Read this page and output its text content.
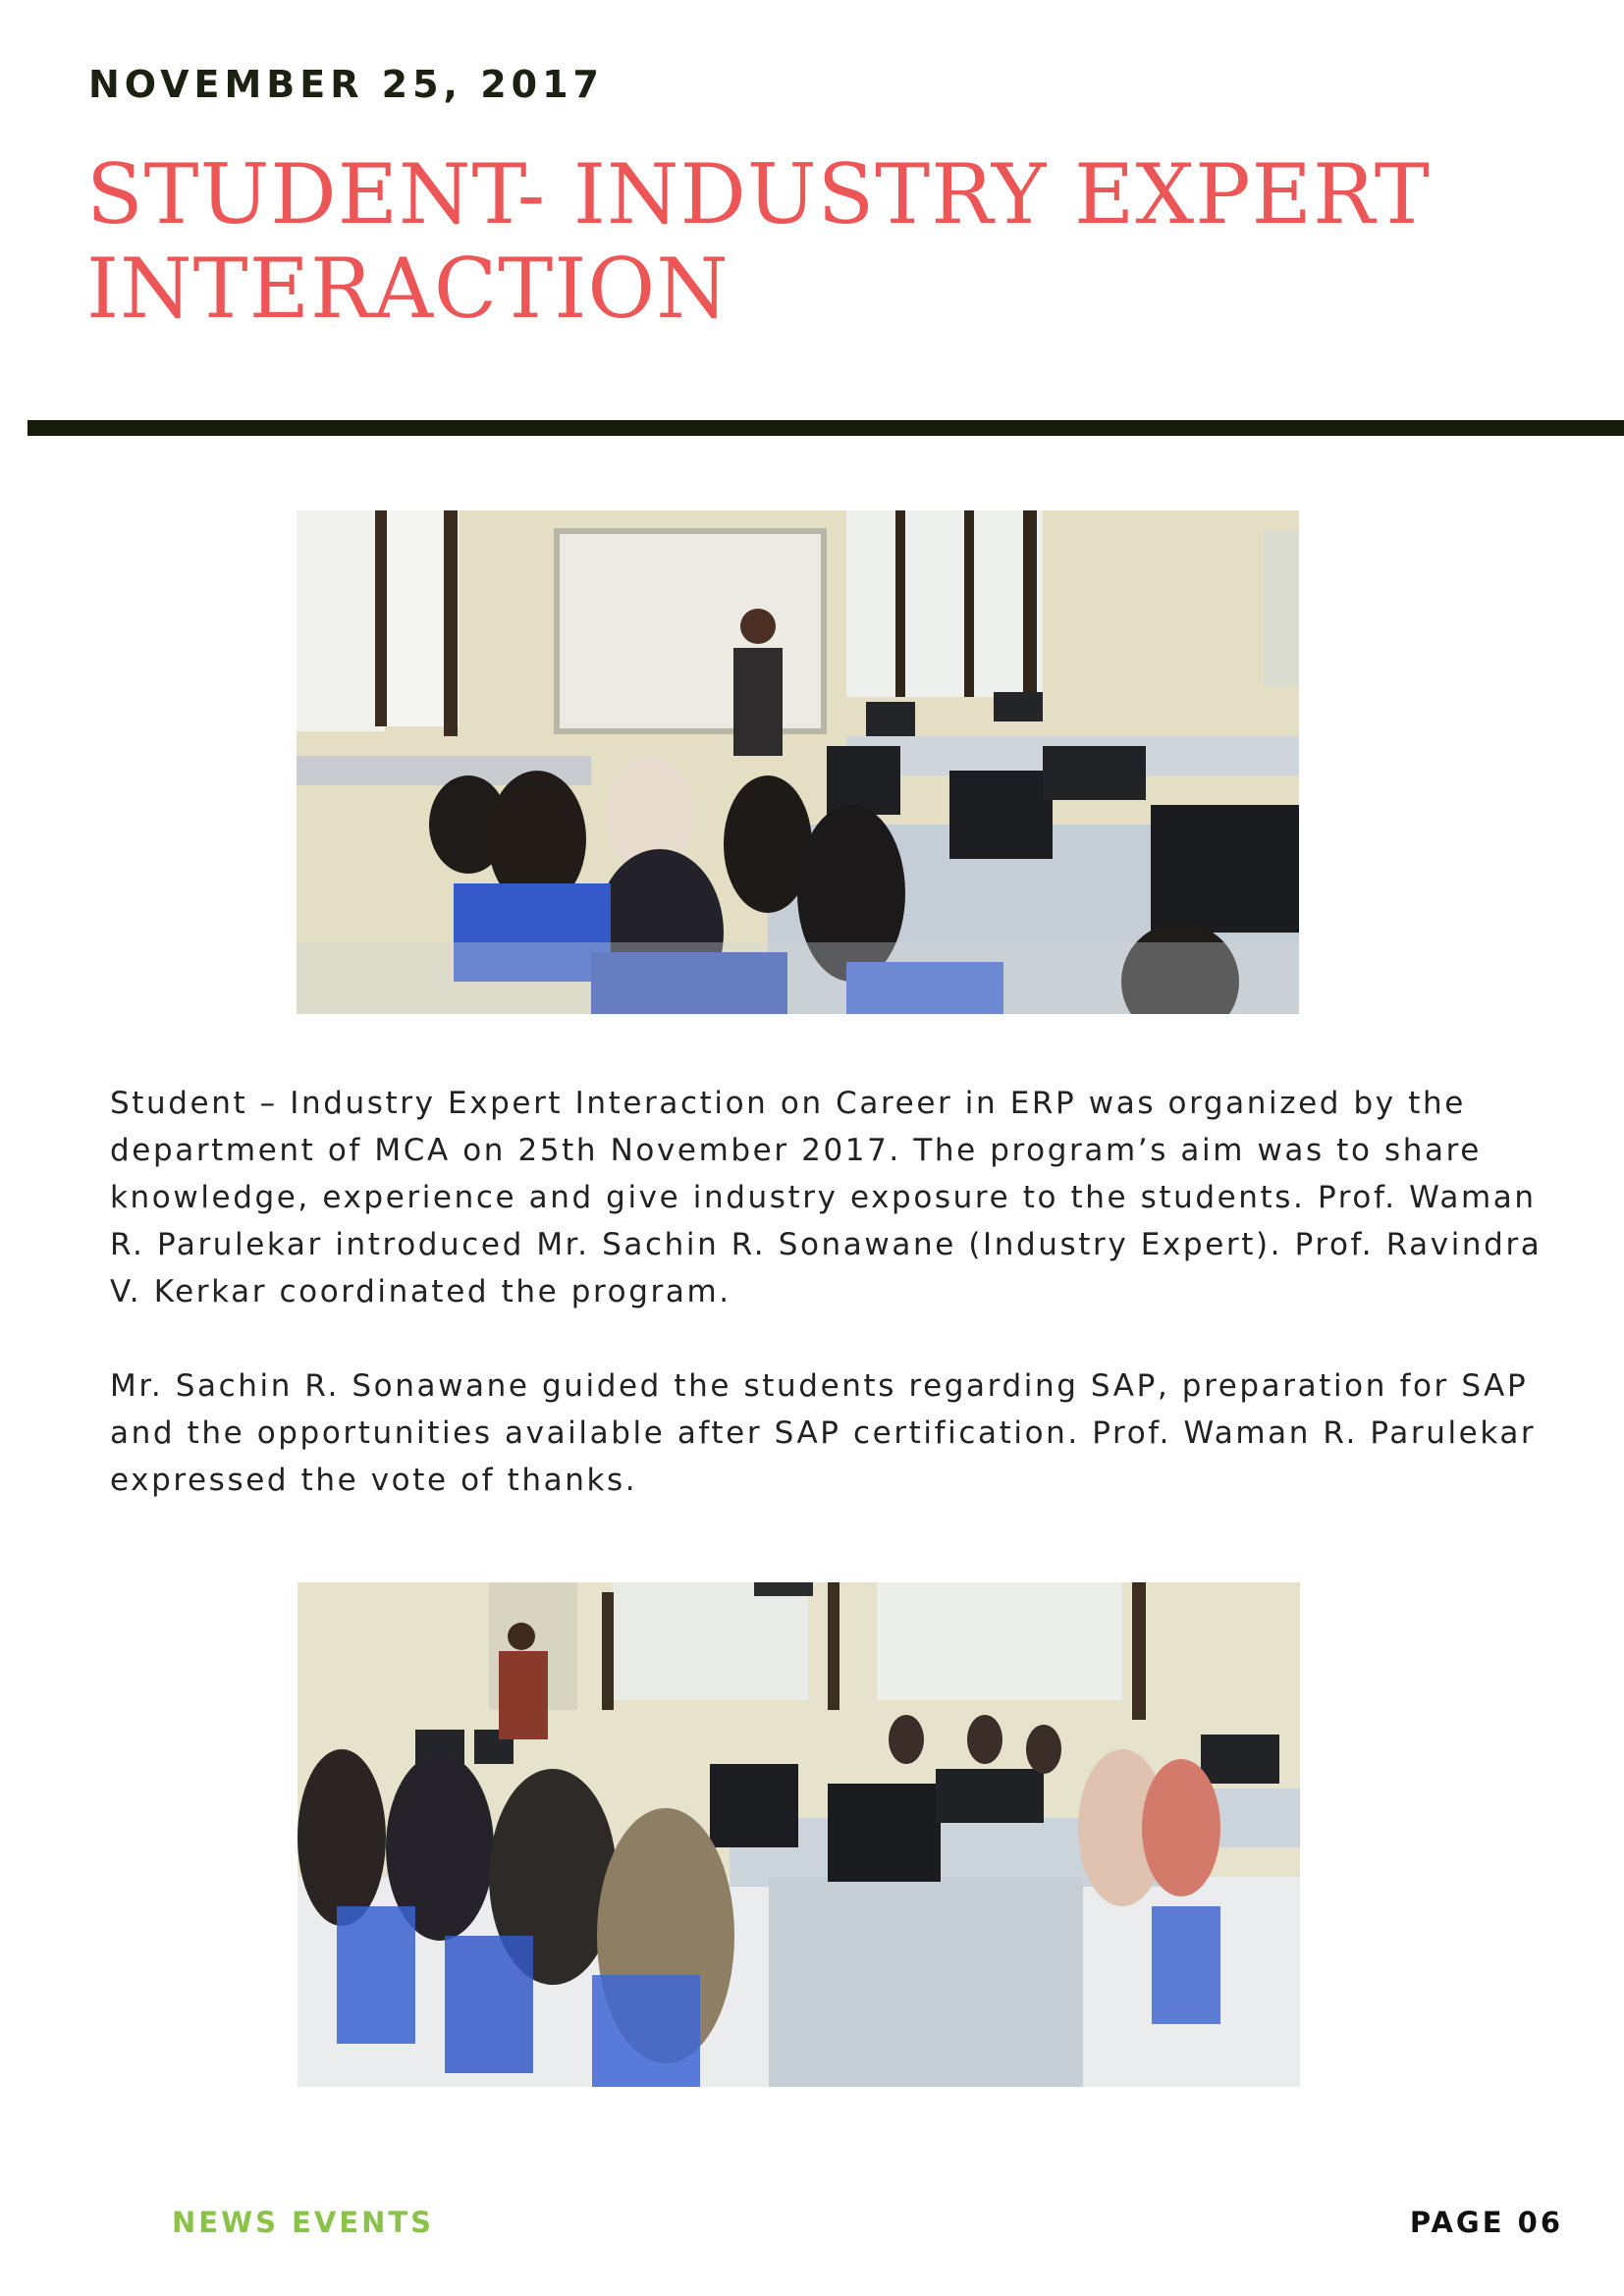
NOVEMBER 25, 2017
STUDENT- INDUSTRY EXPERT INTERACTION

Student – Industry Expert Interaction on Career in ERP was organized by the department of MCA on 25th November 2017. The program’s aim was to share knowledge, experience and give industry exposure to the students. Prof. Waman R. Parulekar introduced Mr. Sachin R. Sonawane (Industry Expert). Prof. Ravindra V. Kerkar coordinated the program.

Mr. Sachin R. Sonawane guided the students regarding SAP, preparation for SAP and the opportunities available after SAP certification. Prof. Waman R. Parulekar expressed the vote of thanks.

NEWS EVENTS	PAGE 06
